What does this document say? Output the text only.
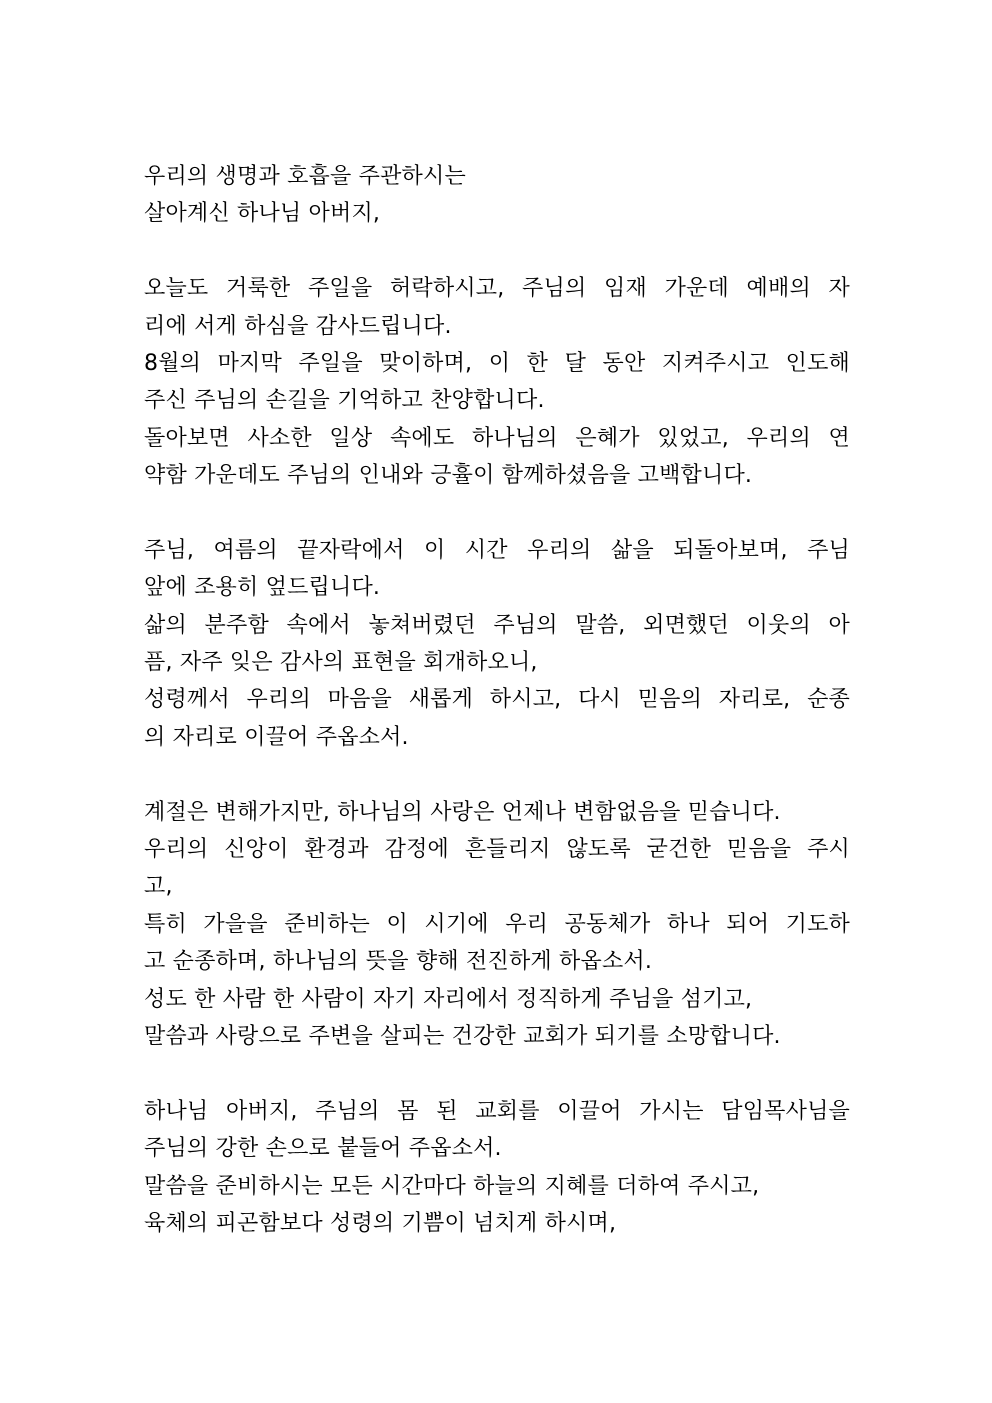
우리의 생명과 호흡을 주관하시는
살아계신 하나님 아버지,
오늘도 거룩한 주일을 허락하시고, 주님의 임재 가운데 예배의 자
리에 서게 하심을 감사드립니다.
8월의 마지막 주일을 맞이하며, 이 한 달 동안 지켜주시고 인도해
주신 주님의 손길을 기억하고 찬양합니다.
돌아보면 사소한 일상 속에도 하나님의 은혜가 있었고, 우리의 연
약함 가운데도 주님의 인내와 긍휼이 함께하셨음을 고백합니다.
주님, 여름의 끝자락에서 이 시간 우리의 삶을 되돌아보며, 주님
앞에 조용히 엎드립니다.
삶의 분주함 속에서 놓쳐버렸던 주님의 말씀, 외면했던 이웃의 아
픔, 자주 잊은 감사의 표현을 회개하오니,
성령께서 우리의 마음을 새롭게 하시고, 다시 믿음의 자리로, 순종
의 자리로 이끌어 주옵소서.
계절은 변해가지만, 하나님의 사랑은 언제나 변함없음을 믿습니다.
우리의 신앙이 환경과 감정에 흔들리지 않도록 굳건한 믿음을 주시
고,
특히 가을을 준비하는 이 시기에 우리 공동체가 하나 되어 기도하
고 순종하며, 하나님의 뜻을 향해 전진하게 하옵소서.
성도 한 사람 한 사람이 자기 자리에서 정직하게 주님을 섬기고,
말씀과 사랑으로 주변을 살피는 건강한 교회가 되기를 소망합니다.
하나님 아버지, 주님의 몸 된 교회를 이끌어 가시는 담임목사님을
주님의 강한 손으로 붙들어 주옵소서.
말씀을 준비하시는 모든 시간마다 하늘의 지혜를 더하여 주시고,
육체의 피곤함보다 성령의 기쁨이 넘치게 하시며,
